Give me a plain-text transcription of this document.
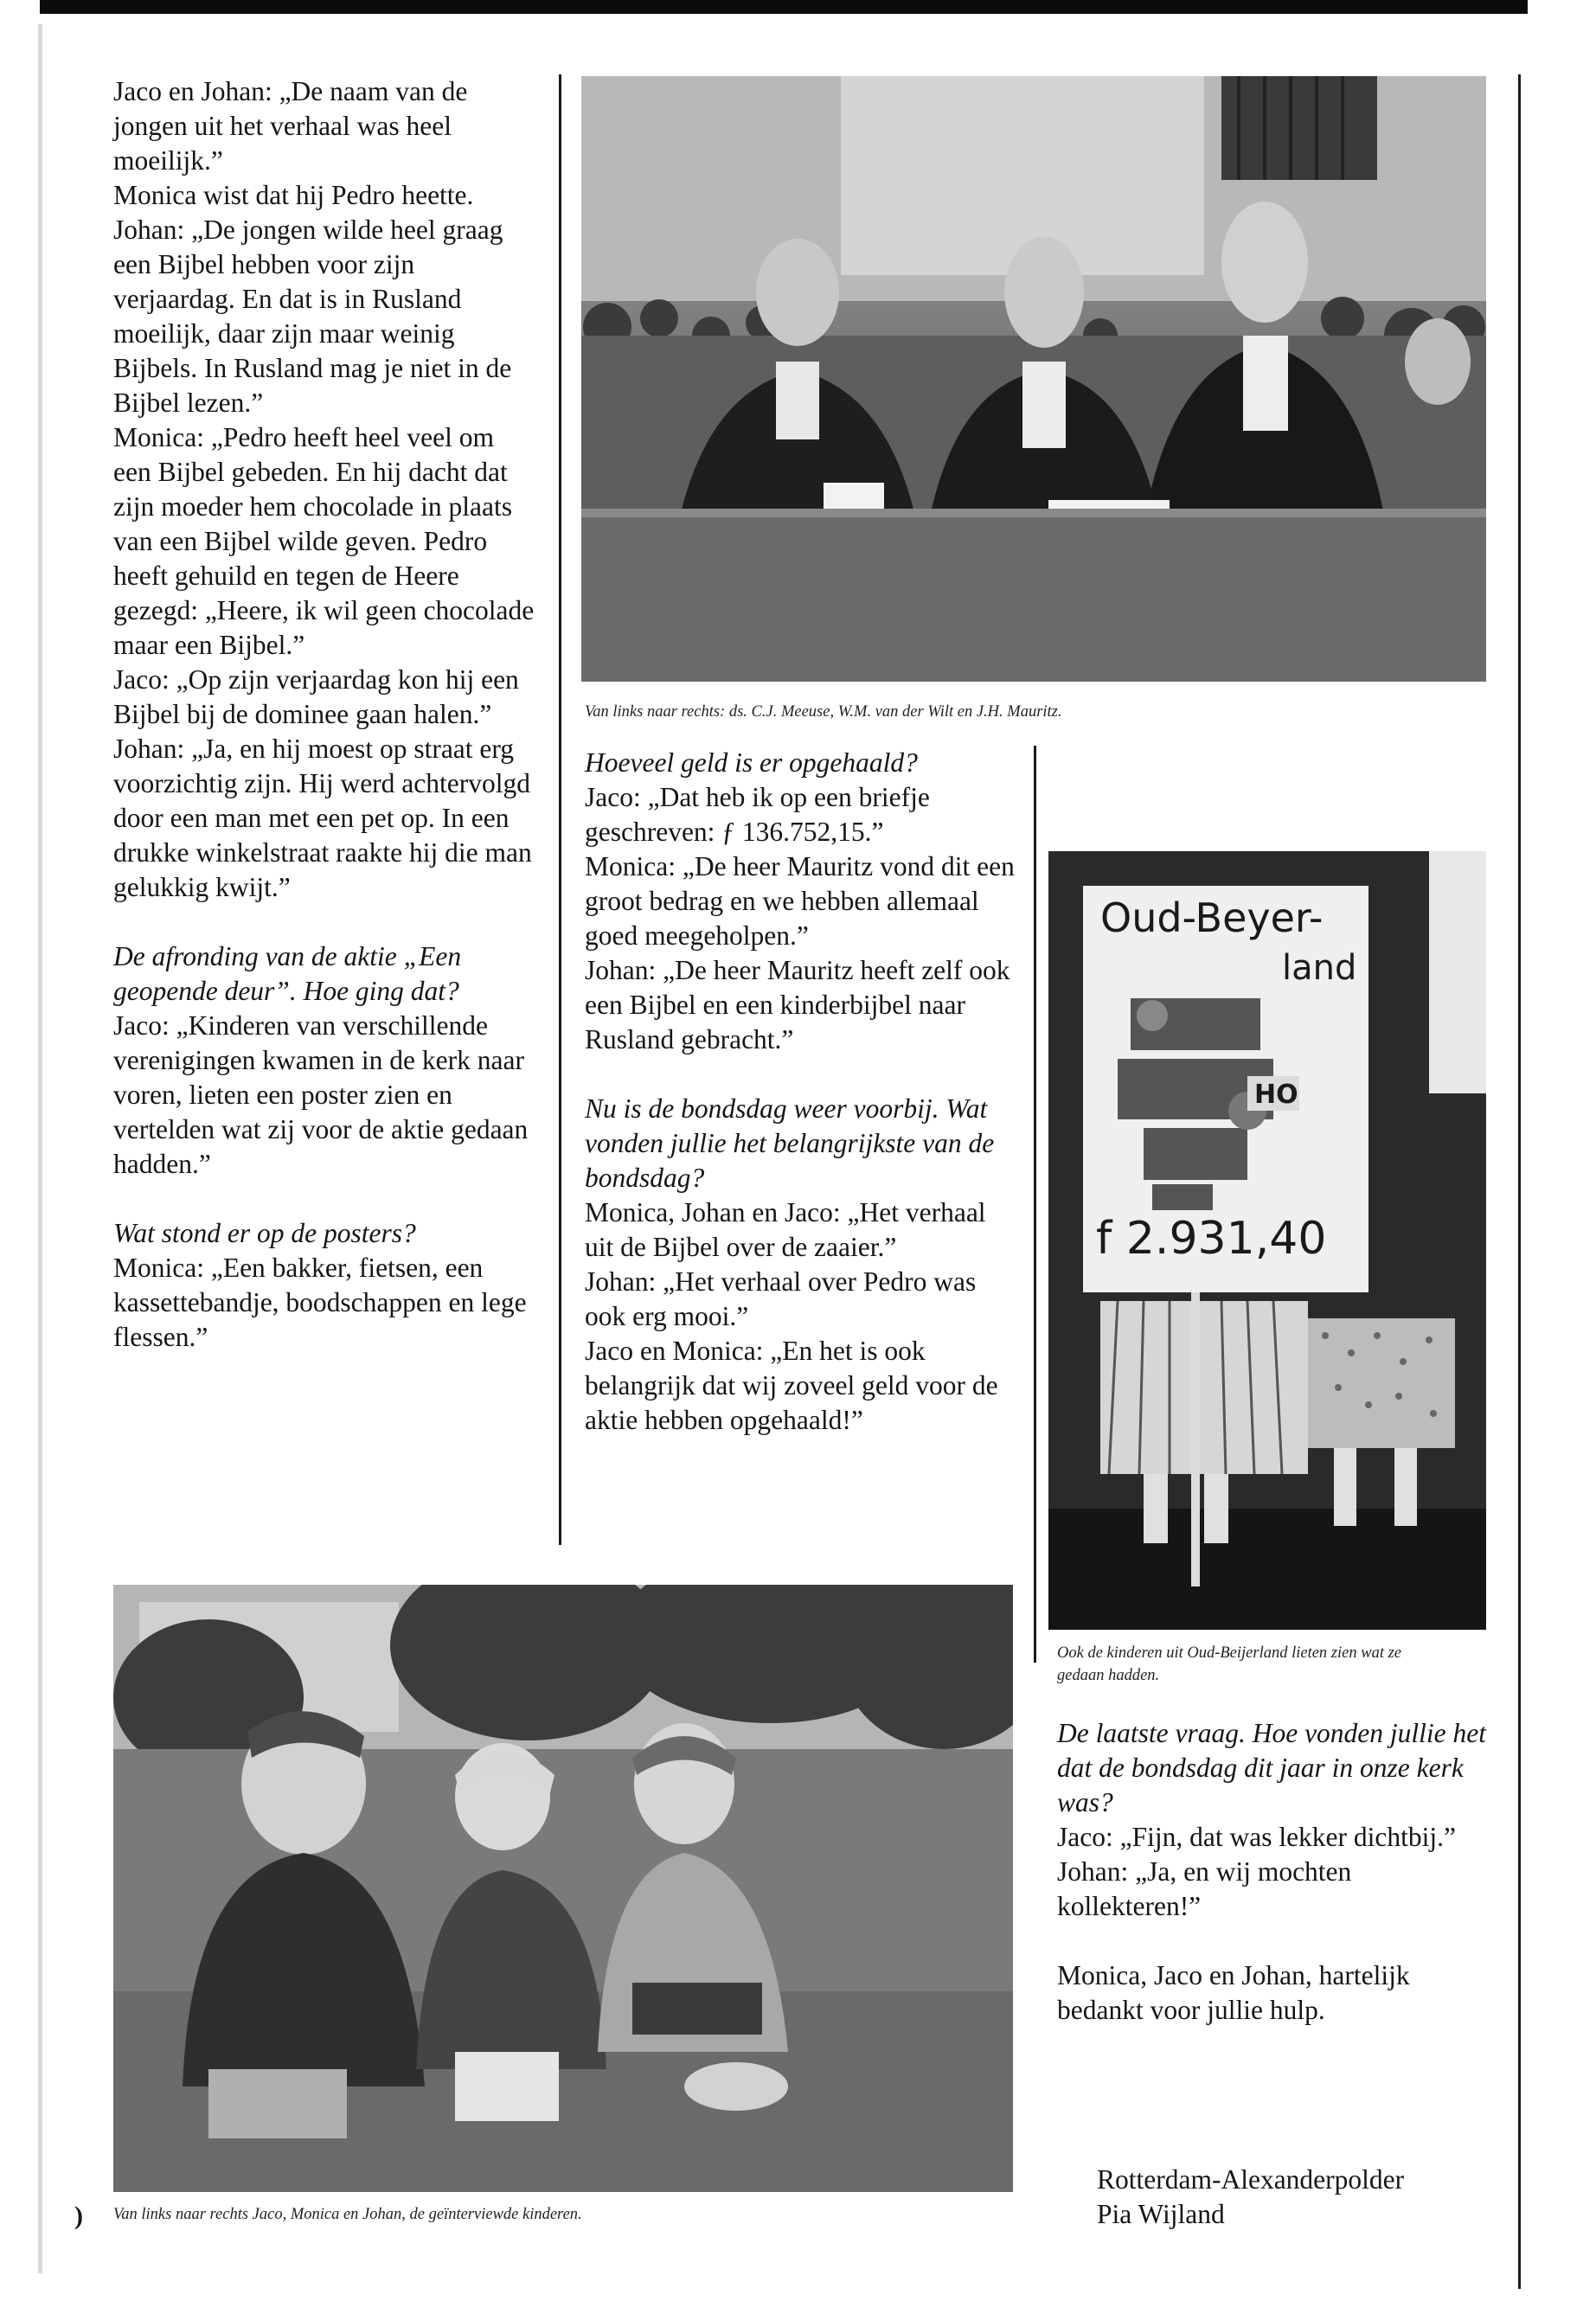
Jaco en Johan: „De naam van de jongen uit het verhaal was heel moeilijk.”

Monica wist dat hij Pedro heette.

Johan: „De jongen wilde heel graag een Bijbel hebben voor zijn verjaardag. En dat is in Rusland moeilijk, daar zijn maar weinig Bijbels. In Rusland mag je niet in de Bijbel lezen.”

Monica: „Pedro heeft heel veel om een Bijbel gebeden. En hij dacht dat zijn moeder hem chocolade in plaats van een Bijbel wilde geven. Pedro heeft gehuild en tegen de Heere gezegd: „Heere, ik wil geen chocolade maar een Bijbel.”

Jaco: „Op zijn verjaardag kon hij een Bijbel bij de dominee gaan halen.”

Johan: „Ja, en hij moest op straat erg voorzichtig zijn. Hij werd achtervolgd door een man met een pet op. In een drukke winkelstraat raakte hij die man gelukkig kwijt.”

De afronding van de aktie „Een geopende deur”. Hoe ging dat?

Jaco: „Kinderen van verschillende verenigingen kwamen in de kerk naar voren, lieten een poster zien en vertelden wat zij voor de aktie gedaan hadden.”

Wat stond er op de posters?

Monica: „Een bakker, fietsen, een kassettebandje, boodschappen en lege flessen.”

Van links naar rechts: ds. C.J. Meeuse, W.M. van der Wilt en J.H. Mauritz.

Hoeveel geld is er opgehaald?

Jaco: „Dat heb ik op een briefje geschreven: ƒ 136.752,15.”

Monica: „De heer Mauritz vond dit een groot bedrag en we hebben allemaal goed meegeholpen.”

Johan: „De heer Mauritz heeft zelf ook een Bijbel en een kinderbijbel naar Rusland gebracht.”

Nu is de bondsdag weer voorbij. Wat vonden jullie het belangrijkste van de bondsdag?

Monica, Johan en Jaco: „Het verhaal uit de Bijbel over de zaaier.”

Johan: „Het verhaal over Pedro was ook erg mooi.”

Jaco en Monica: „En het is ook belangrijk dat wij zoveel geld voor de aktie hebben opgehaald!”

Oud-Beyer-
land
HO
f 2.931,40
Ook de kinderen uit Oud-Beijerland lieten zien wat ze gedaan hadden.

De laatste vraag. Hoe vonden jullie het dat de bondsdag dit jaar in onze kerk was?

Jaco: „Fijn, dat was lekker dichtbij.”

Johan: „Ja, en wij mochten kollekteren!”

Monica, Jaco en Johan, hartelijk bedankt voor jullie hulp.

Van links naar rechts Jaco, Monica en Johan, de geïnterviewde kinderen.
Rotterdam-Alexanderpolder
Pia Wijland
)
